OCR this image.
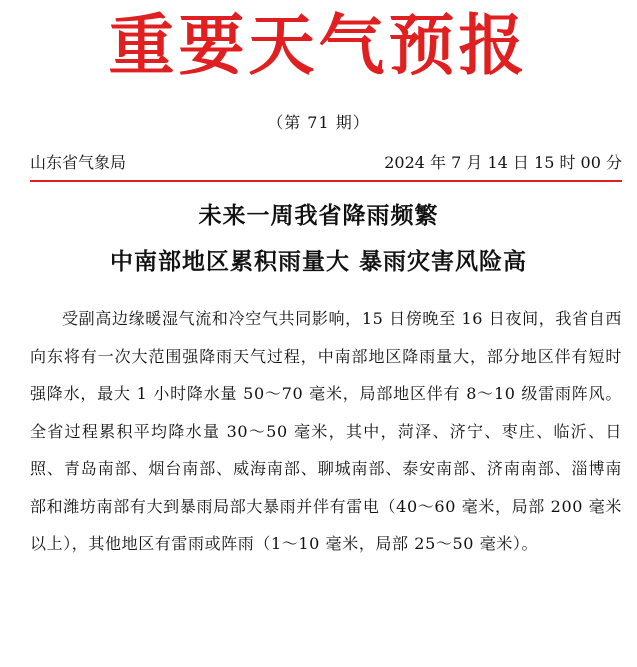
重要天气预报
（第 71 期）
山东省气象局	2024 年 7 月 14 日 15 时 00 分
未来一周我省降雨频繁
中南部地区累积雨量大 暴雨灾害风险高
受副高边缘暖湿气流和冷空气共同影响，15 日傍晚至 16 日夜间，我省自西向东将有一次大范围强降雨天气过程，中南部地区降雨量大，部分地区伴有短时强降水，最大 1 小时降水量 50～70 毫米，局部地区伴有 8～10 级雷雨阵风。全省过程累积平均降水量 30～50 毫米，其中，菏泽、济宁、枣庄、临沂、日照、青岛南部、烟台南部、威海南部、聊城南部、泰安南部、济南南部、淄博南部和潍坊南部有大到暴雨局部大暴雨并伴有雷电（40～60 毫米，局部 200 毫米以上），其他地区有雷雨或阵雨（1～10 毫米，局部 25～50 毫米）。
